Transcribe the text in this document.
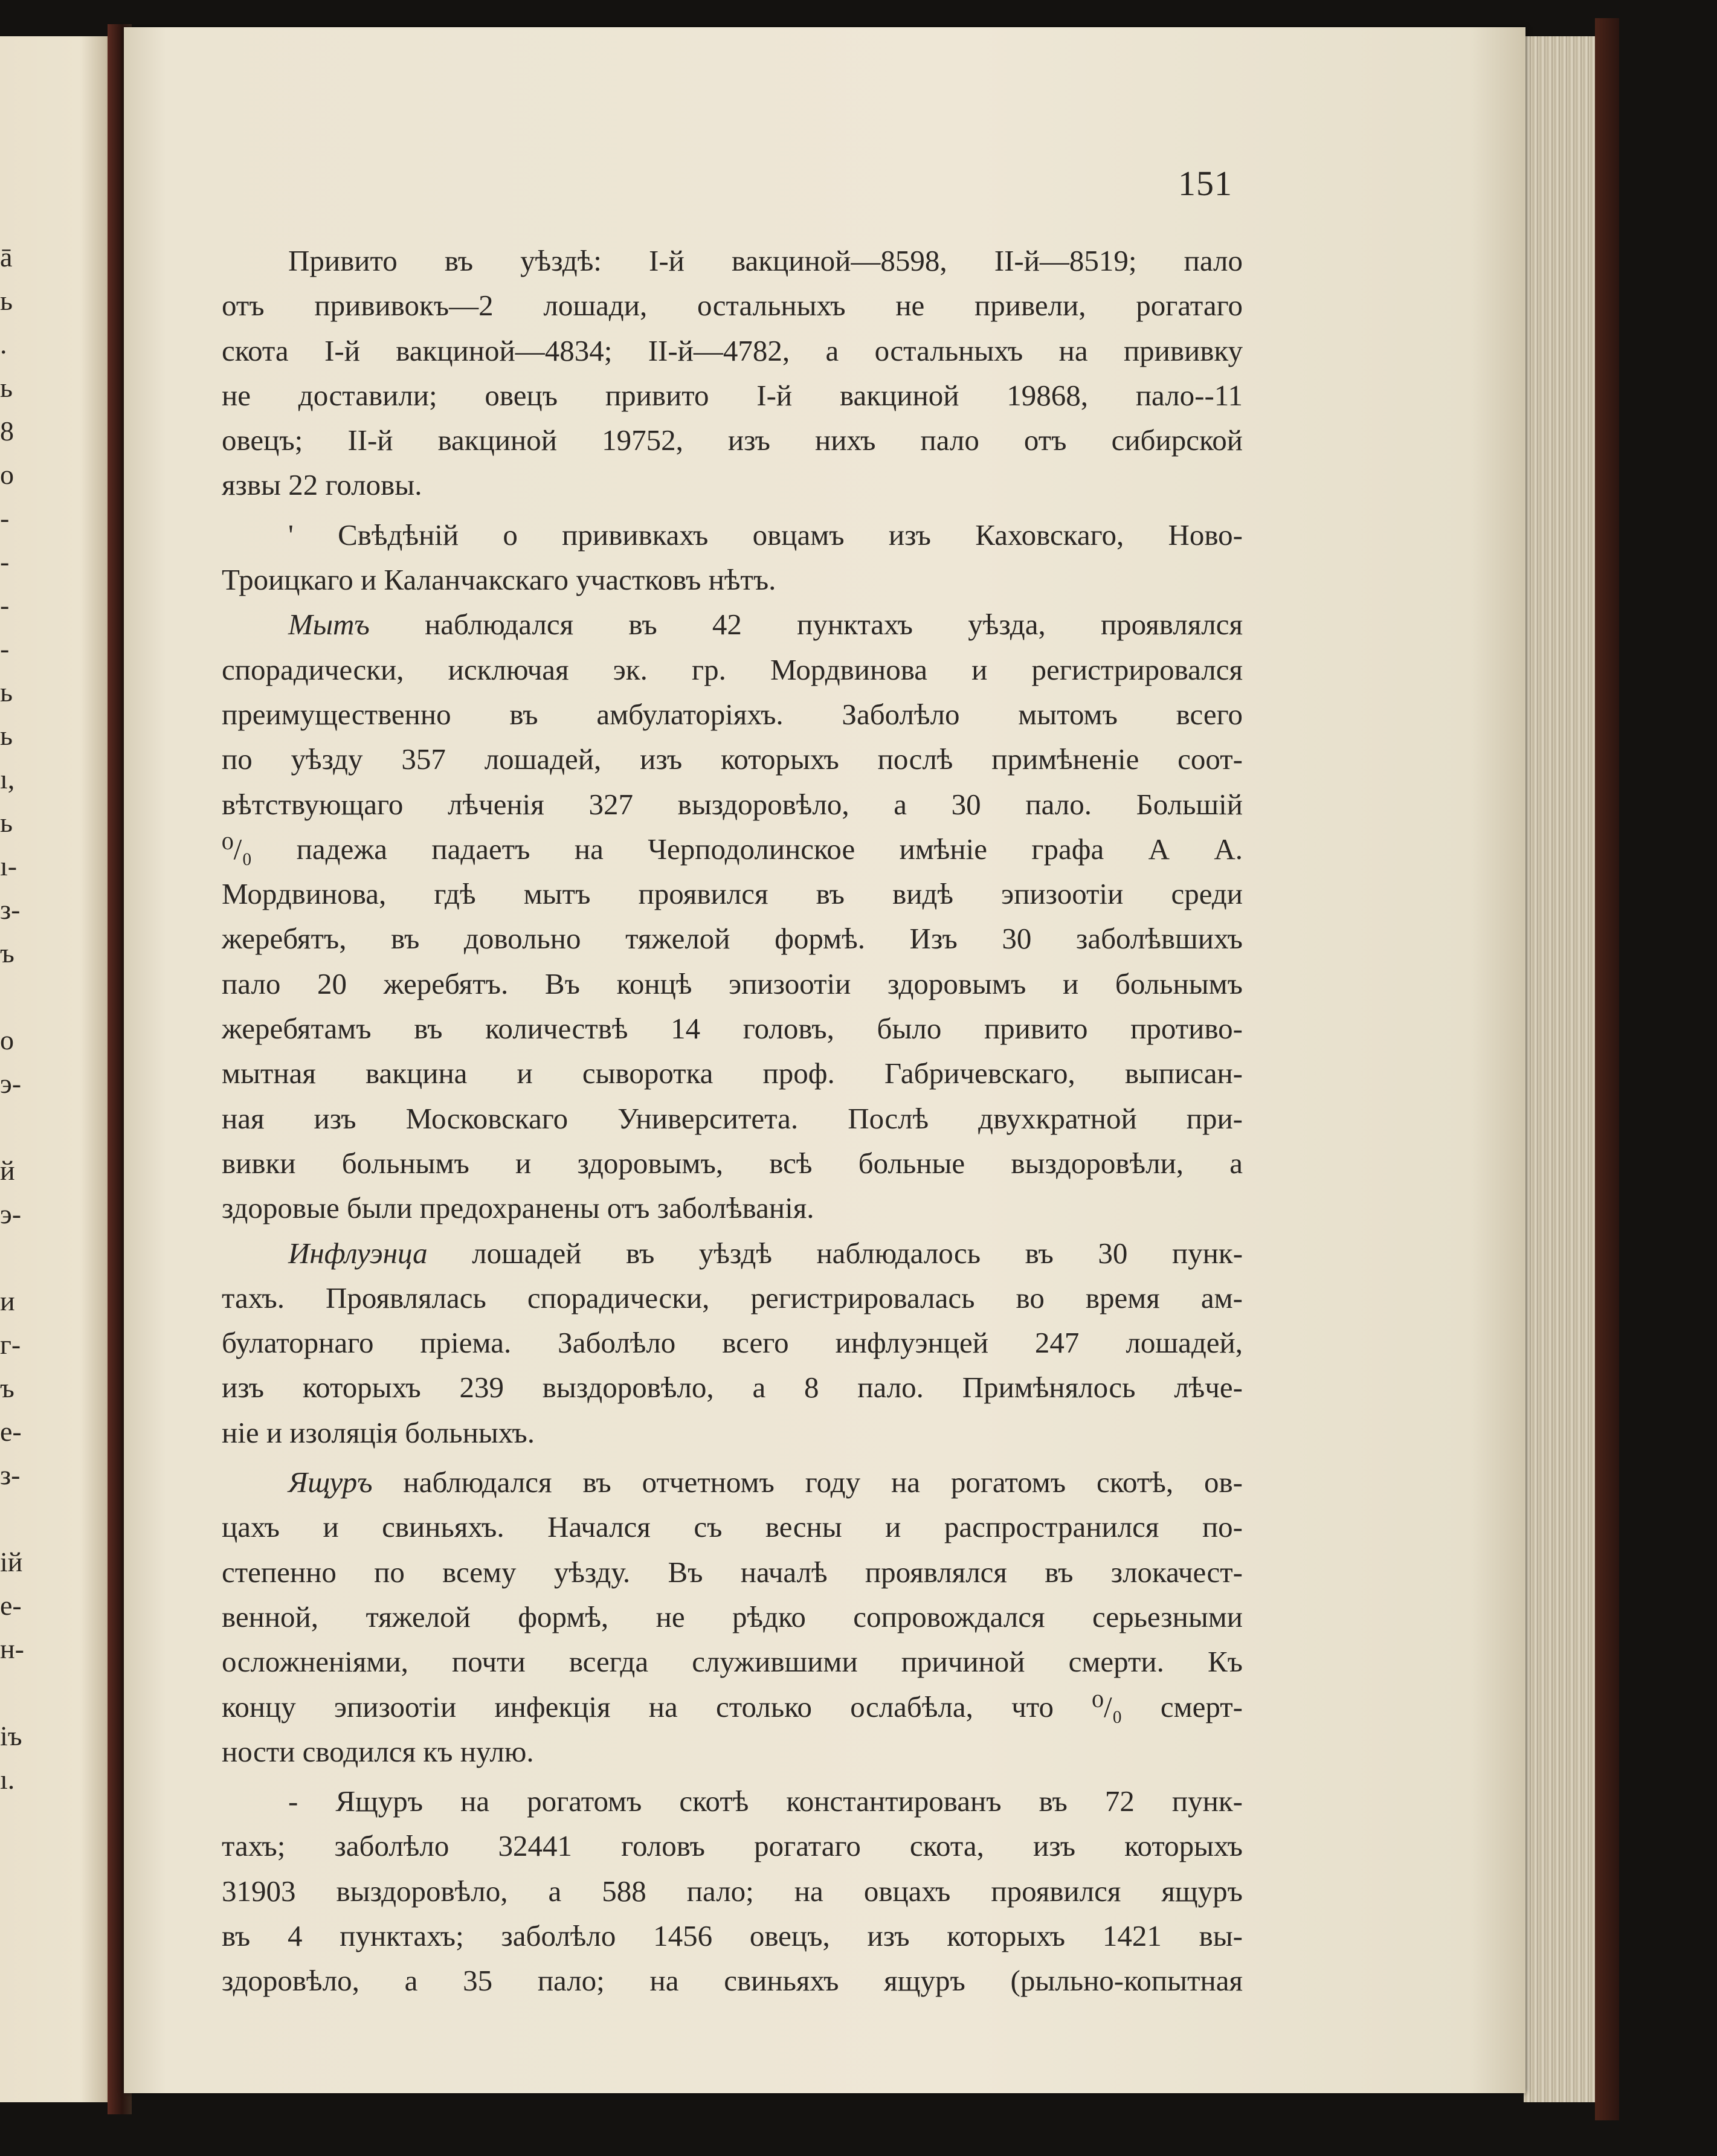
ā
ь
.
ь
8
о
-
-
-
-
ь
ь
ı,
ь
ı-
з-
ъ
о
э-
й
э-
и
г-
ъ
е-
з-
ій
е-
н-
іъ
ı.
151
Привито въ уѣздѣ: I-й вакциной—8598, II-й—8519; пало
отъ прививокъ—2 лошади, остальныхъ не привели, рогатаго
скота I-й вакциной—4834; II-й—4782, а остальныхъ на прививку
не доставили; овецъ привито I-й вакциной 19868, пало--11
овецъ; II-й вакциной 19752, изъ нихъ пало отъ сибирской
язвы 22 головы.
' Свѣдѣній о прививкахъ овцамъ изъ Каховскаго, Ново-
Троицкаго и Каланчакскаго участковъ нѣтъ.
Мытъ наблюдался въ 42 пунктахъ уѣзда, проявлялся
спорадически, исключая эк. гр. Мордвинова и регистрировался
преимущественно въ амбулаторіяхъ. Заболѣло мытомъ всего
по уѣзду 357 лошадей, изъ которыхъ послѣ примѣненіе соот-
вѣтствующаго лѣченія 327 выздоровѣло, а 30 пало. Большій
⁰/₀ падежа падаетъ на Черподолинское имѣніе графа А А.
Мордвинова, гдѣ мытъ проявился въ видѣ эпизоотіи среди
жеребятъ, въ довольно тяжелой формѣ. Изъ 30 заболѣвшихъ
пало 20 жеребятъ. Въ концѣ эпизоотіи здоровымъ и больнымъ
жеребятамъ въ количествѣ 14 головъ, было привито противо-
мытная вакцина и сыворотка проф. Габричевскаго, выписан-
ная изъ Московскаго Университета. Послѣ двухкратной при-
вивки больнымъ и здоровымъ, всѣ больные выздоровѣли, а
здоровые были предохранены отъ заболѣванія.
Инфлуэнца лошадей въ уѣздѣ наблюдалось въ 30 пунк-
тахъ. Проявлялась спорадически, регистрировалась во время ам-
булаторнаго пріема. Заболѣло всего инфлуэнцей 247 лошадей,
изъ которыхъ 239 выздоровѣло, а 8 пало. Примѣнялось лѣче-
ніе и изоляція больныхъ.
Ящуръ наблюдался въ отчетномъ году на рогатомъ скотѣ, ов-
цахъ и свиньяхъ. Начался съ весны и распространился по-
степенно по всему уѣзду. Въ началѣ проявлялся въ злокачест-
венной, тяжелой формѣ, не рѣдко сопровождался серьезными
осложненіями, почти всегда служившими причиной смерти. Къ
концу эпизоотіи инфекція на столько ослабѣла, что ⁰/₀ смерт-
ности сводился къ нулю.
- Ящуръ на рогатомъ скотѣ константированъ въ 72 пунк-
тахъ; заболѣло 32441 головъ рогатаго скота, изъ которыхъ
31903 выздоровѣло, а 588 пало; на овцахъ проявился ящуръ
въ 4 пунктахъ; заболѣло 1456 овецъ, изъ которыхъ 1421 вы-
здоровѣло, а 35 пало; на свиньяхъ ящуръ (рыльно-копытная
